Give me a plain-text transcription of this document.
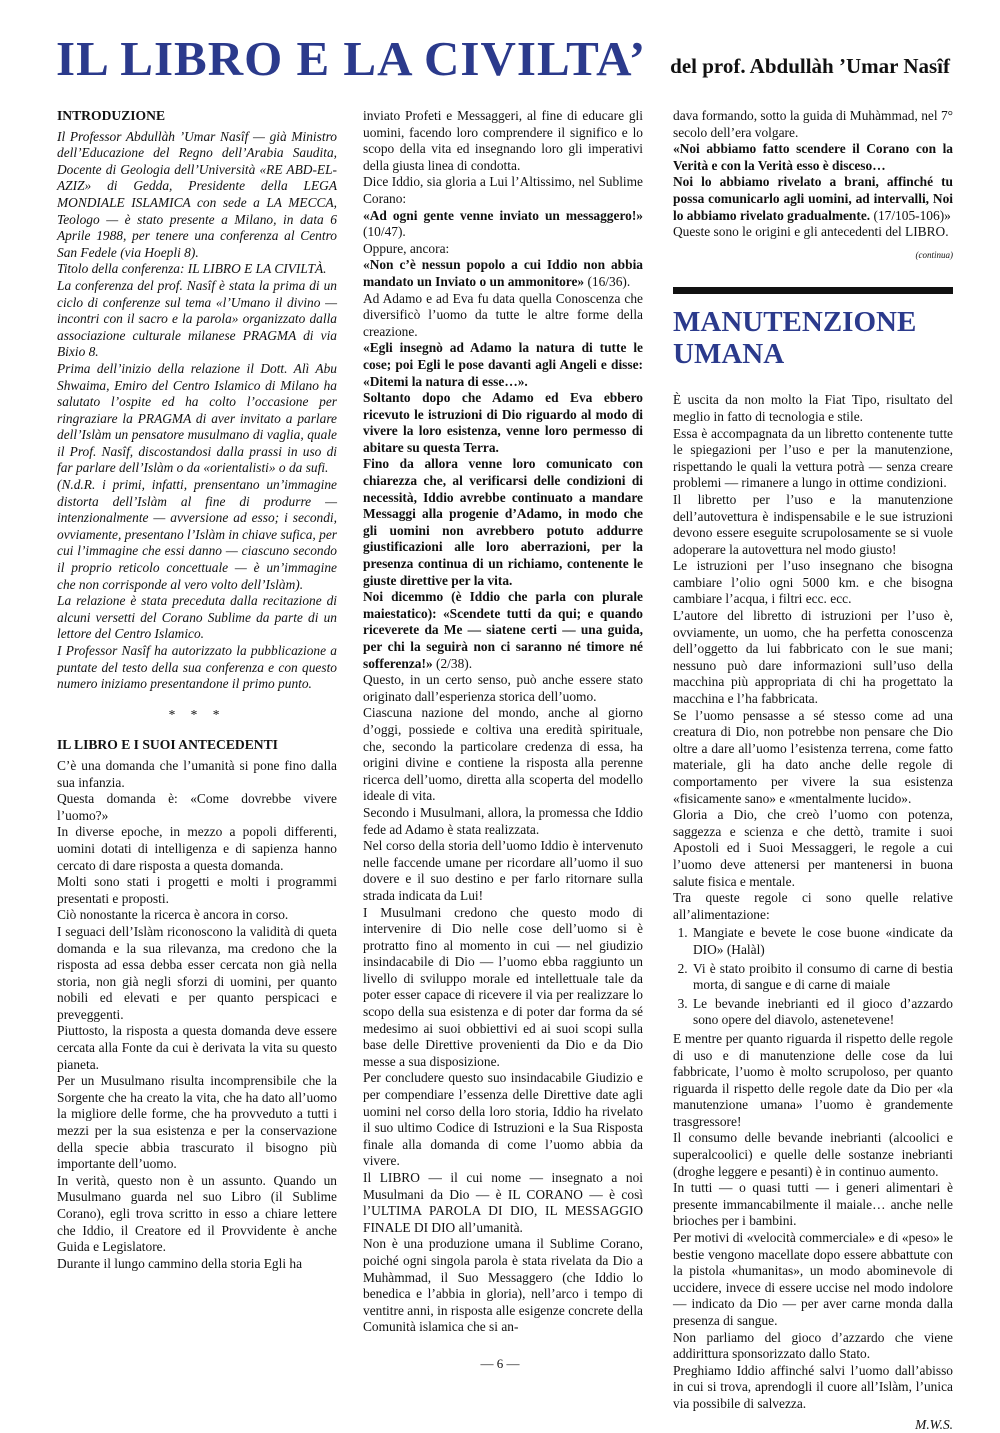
IL LIBRO E LA CIVILTA’ del prof. Abdullàh ’Umar Nasîf

INTRODUZIONE

Il Professor Abdullàh ’Umar Nasîf — già Ministro dell’Educazione del Regno dell’Arabia Saudita, Docente di Geologia dell’Università «RE ABD-EL-AZIZ» di Gedda, Presidente della LEGA MONDIALE ISLAMICA con sede a LA MECCA, Teologo — è stato presente a Milano, in data 6 Aprile 1988, per tenere una conferenza al Centro San Fedele (via Hoepli 8).

Titolo della conferenza: IL LIBRO E LA CIVILTÀ.

La conferenza del prof. Nasîf è stata la prima di un ciclo di conferenze sul tema «l’Umano il divino — incontri con il sacro e la parola» organizzato dalla associazione culturale milanese PRAGMA di via Bixio 8.

Prima dell’inizio della relazione il Dott. Alì Abu Shwaima, Emiro del Centro Islamico di Milano ha salutato l’ospite ed ha colto l’occasione per ringraziare la PRAGMA di aver invitato a parlare dell’Islàm un pensatore musulmano di vaglia, quale il Prof. Nasîf, discostandosi dalla prassi in uso di far parlare dell’Islàm o da «orientalisti» o da sufi.

(N.d.R. i primi, infatti, prensentano un’immagine distorta dell’Islàm al fine di produrre — intenzionalmente — avversione ad esso; i secondi, ovviamente, presentano l’Islàm in chiave sufica, per cui l’immagine che essi danno — ciascuno secondo il proprio reticolo concettuale — è un’immagine che non corrisponde al vero volto dell’Islàm).

La relazione è stata preceduta dalla recitazione di alcuni versetti del Corano Sublime da parte di un lettore del Centro Islamico.

I Professor Nasîf ha autorizzato la pubblicazione a puntate del testo della sua conferenza e con questo numero iniziamo presentandone il primo punto.

* * *

IL LIBRO E I SUOI ANTECEDENTI

C’è una domanda che l’umanità si pone fino dalla sua infanzia.

Questa domanda è: «Come dovrebbe vivere l’uomo?»

In diverse epoche, in mezzo a popoli differenti, uomini dotati di intelligenza e di sapienza hanno cercato di dare risposta a questa domanda.

Molti sono stati i progetti e molti i programmi presentati e proposti.

Ciò nonostante la ricerca è ancora in corso.

I seguaci dell’Islàm riconoscono la validità di queta domanda e la sua rilevanza, ma credono che la risposta ad essa debba esser cercata non già nella storia, non già negli sforzi di uomini, per quanto nobili ed elevati e per quanto perspicaci e preveggenti.

Piuttosto, la risposta a questa domanda deve essere cercata alla Fonte da cui è derivata la vita su questo pianeta.

Per un Musulmano risulta incomprensibile che la Sorgente che ha creato la vita, che ha dato all’uomo la migliore delle forme, che ha provveduto a tutti i mezzi per la sua esistenza e per la conservazione della specie abbia trascurato il bisogno più importante dell’uomo.

In verità, questo non è un assunto. Quando un Musulmano guarda nel suo Libro (il Sublime Corano), egli trova scritto in esso a chiare lettere che Iddio, il Creatore ed il Provvidente è anche Guida e Legislatore.

Durante il lungo cammino della storia Egli ha

inviato Profeti e Messaggeri, al fine di educare gli uomini, facendo loro comprendere il significo e lo scopo della vita ed insegnando loro gli imperativi della giusta linea di condotta.

Dice Iddio, sia gloria a Lui l’Altissimo, nel Sublime Corano:

«Ad ogni gente venne inviato un messaggero!» (10/47).

Oppure, ancora:

«Non c’è nessun popolo a cui Iddio non abbia mandato un Inviato o un ammonitore» (16/36).

Ad Adamo e ad Eva fu data quella Conoscenza che diversificò l’uomo da tutte le altre forme della creazione.

«Egli insegnò ad Adamo la natura di tutte le cose; poi Egli le pose davanti agli Angeli e disse: «Ditemi la natura di esse…».

Soltanto dopo che Adamo ed Eva ebbero ricevuto le istruzioni di Dio riguardo al modo di vivere la loro esistenza, venne loro permesso di abitare su questa Terra.

Fino da allora venne loro comunicato con chiarezza che, al verificarsi delle condizioni di necessità, Iddio avrebbe continuato a mandare Messaggi alla progenie d’Adamo, in modo che gli uomini non avrebbero potuto addurre giustificazioni alle loro aberrazioni, per la presenza continua di un richiamo, contenente le giuste direttive per la vita.

Noi dicemmo (è Iddio che parla con plurale maiestatico): «Scendete tutti da qui; e quando riceverete da Me — siatene certi — una guida, per chi la seguirà non ci saranno né timore né sofferenza!» (2/38).

Questo, in un certo senso, può anche essere stato originato dall’esperienza storica dell’uomo.

Ciascuna nazione del mondo, anche al giorno d’oggi, possiede e coltiva una eredità spirituale, che, secondo la particolare credenza di essa, ha origini divine e contiene la risposta alla perenne ricerca dell’uomo, diretta alla scoperta del modello ideale di vita.

Secondo i Musulmani, allora, la promessa che Iddio fede ad Adamo è stata realizzata.

Nel corso della storia dell’uomo Iddio è intervenuto nelle faccende umane per ricordare all’uomo il suo dovere e il suo destino e per farlo ritornare sulla strada indicata da Lui!

I Musulmani credono che questo modo di intervenire di Dio nelle cose dell’uomo si è protratto fino al momento in cui — nel giudizio insindacabile di Dio — l’uomo ebba raggiunto un livello di sviluppo morale ed intellettuale tale da poter esser capace di ricevere il via per realizzare lo scopo della sua esistenza e di poter dar forma da sé medesimo ai suoi obbiettivi ed ai suoi scopi sulla base delle Direttive provenienti da Dio e da Dio messe a sua disposizione.

Per concludere questo suo insindacabile Giudizio e per compendiare l’essenza delle Direttive date agli uomini nel corso della loro storia, Iddio ha rivelato il suo ultimo Codice di Istruzioni e la Sua Risposta finale alla domanda di come l’uomo abbia da vivere.

Il LIBRO — il cui nome — insegnato a noi Musulmani da Dio — è IL CORANO — è così l’ULTIMA PAROLA DI DIO, IL MESSAGGIO FINALE DI DIO all’umanità.

Non è una produzione umana il Sublime Corano, poiché ogni singola parola è stata rivelata da Dio a Muhàmmad, il Suo Messaggero (che Iddio lo benedica e l’abbia in gloria), nell’arco i tempo di ventitre anni, in risposta alle esigenze concrete della Comunità islamica che si an-

dava formando, sotto la guida di Muhàmmad, nel 7° secolo dell’era volgare.

«Noi abbiamo fatto scendere il Corano con la Verità e con la Verità esso è disceso…

Noi lo abbiamo rivelato a brani, affinché tu possa comunicarlo agli uomini, ad intervalli, Noi lo abbiamo rivelato gradualmente. (17/105-106)»

Queste sono le origini e gli antecedenti del LIBRO.

(continua)

MANUTENZIONE UMANA

È uscita da non molto la Fiat Tipo, risultato del meglio in fatto di tecnologia e stile.

Essa è accompagnata da un libretto contenente tutte le spiegazioni per l’uso e per la manutenzione, rispettando le quali la vettura potrà — senza creare problemi — rimanere a lungo in ottime condizioni.

Il libretto per l’uso e la manutenzione dell’autovettura è indispensabile e le sue istruzioni devono essere eseguite scrupolosamente se si vuole adoperare la autovettura nel modo giusto!

Le istruzioni per l’uso insegnano che bisogna cambiare l’olio ogni 5000 km. e che bisogna cambiare l’acqua, i filtri ecc. ecc.

L’autore del libretto di istruzioni per l’uso è, ovviamente, un uomo, che ha perfetta conoscenza dell’oggetto da lui fabbricato con le sue mani; nessuno può dare informazioni sull’uso della macchina più appropriata di chi ha progettato la macchina e l’ha fabbricata.

Se l’uomo pensasse a sé stesso come ad una creatura di Dio, non potrebbe non pensare che Dio oltre a dare all’uomo l’esistenza terrena, come fatto materiale, gli ha dato anche delle regole di comportamento per vivere la sua esistenza «fisicamente sano» e «mentalmente lucido».

Gloria a Dio, che creò l’uomo con potenza, saggezza e scienza e che dettò, tramite i suoi Apostoli ed i Suoi Messaggeri, le regole a cui l’uomo deve attenersi per mantenersi in buona salute fisica e mentale.

Tra queste regole ci sono quelle relative all’alimentazione:

1. Mangiate e bevete le cose buone «indicate da DIO» (Halàl)
2. Vi è stato proibito il consumo di carne di bestia morta, di sangue e di carne di maiale
3. Le bevande inebrianti ed il gioco d’azzardo sono opere del diavolo, astenetevene!

E mentre per quanto riguarda il rispetto delle regole di uso e di manutenzione delle cose da lui fabbricate, l’uomo è molto scrupoloso, per quanto riguarda il rispetto delle regole date da Dio per «la manutenzione umana» l’uomo è grandemente trasgressore!

Il consumo delle bevande inebrianti (alcoolici e superalcoolici) e quelle delle sostanze inebrianti (droghe leggere e pesanti) è in continuo aumento.

In tutti — o quasi tutti — i generi alimentari è presente immancabilmente il maiale… anche nelle brioches per i bambini.

Per motivi di «velocità commerciale» e di «peso» le bestie vengono macellate dopo essere abbattute con la pistola «humanitas», un modo abominevole di uccidere, invece di essere uccise nel modo indolore — indicato da Dio — per aver carne monda dalla presenza di sangue.

Non parliamo del gioco d’azzardo che viene addirittura sponsorizzato dallo Stato.

Preghiamo Iddio affinché salvi l’uomo dall’abisso in cui si trova, aprendogli il cuore all’Islàm, l’unica via possibile di salvezza.

M.W.S.

— 6 —
